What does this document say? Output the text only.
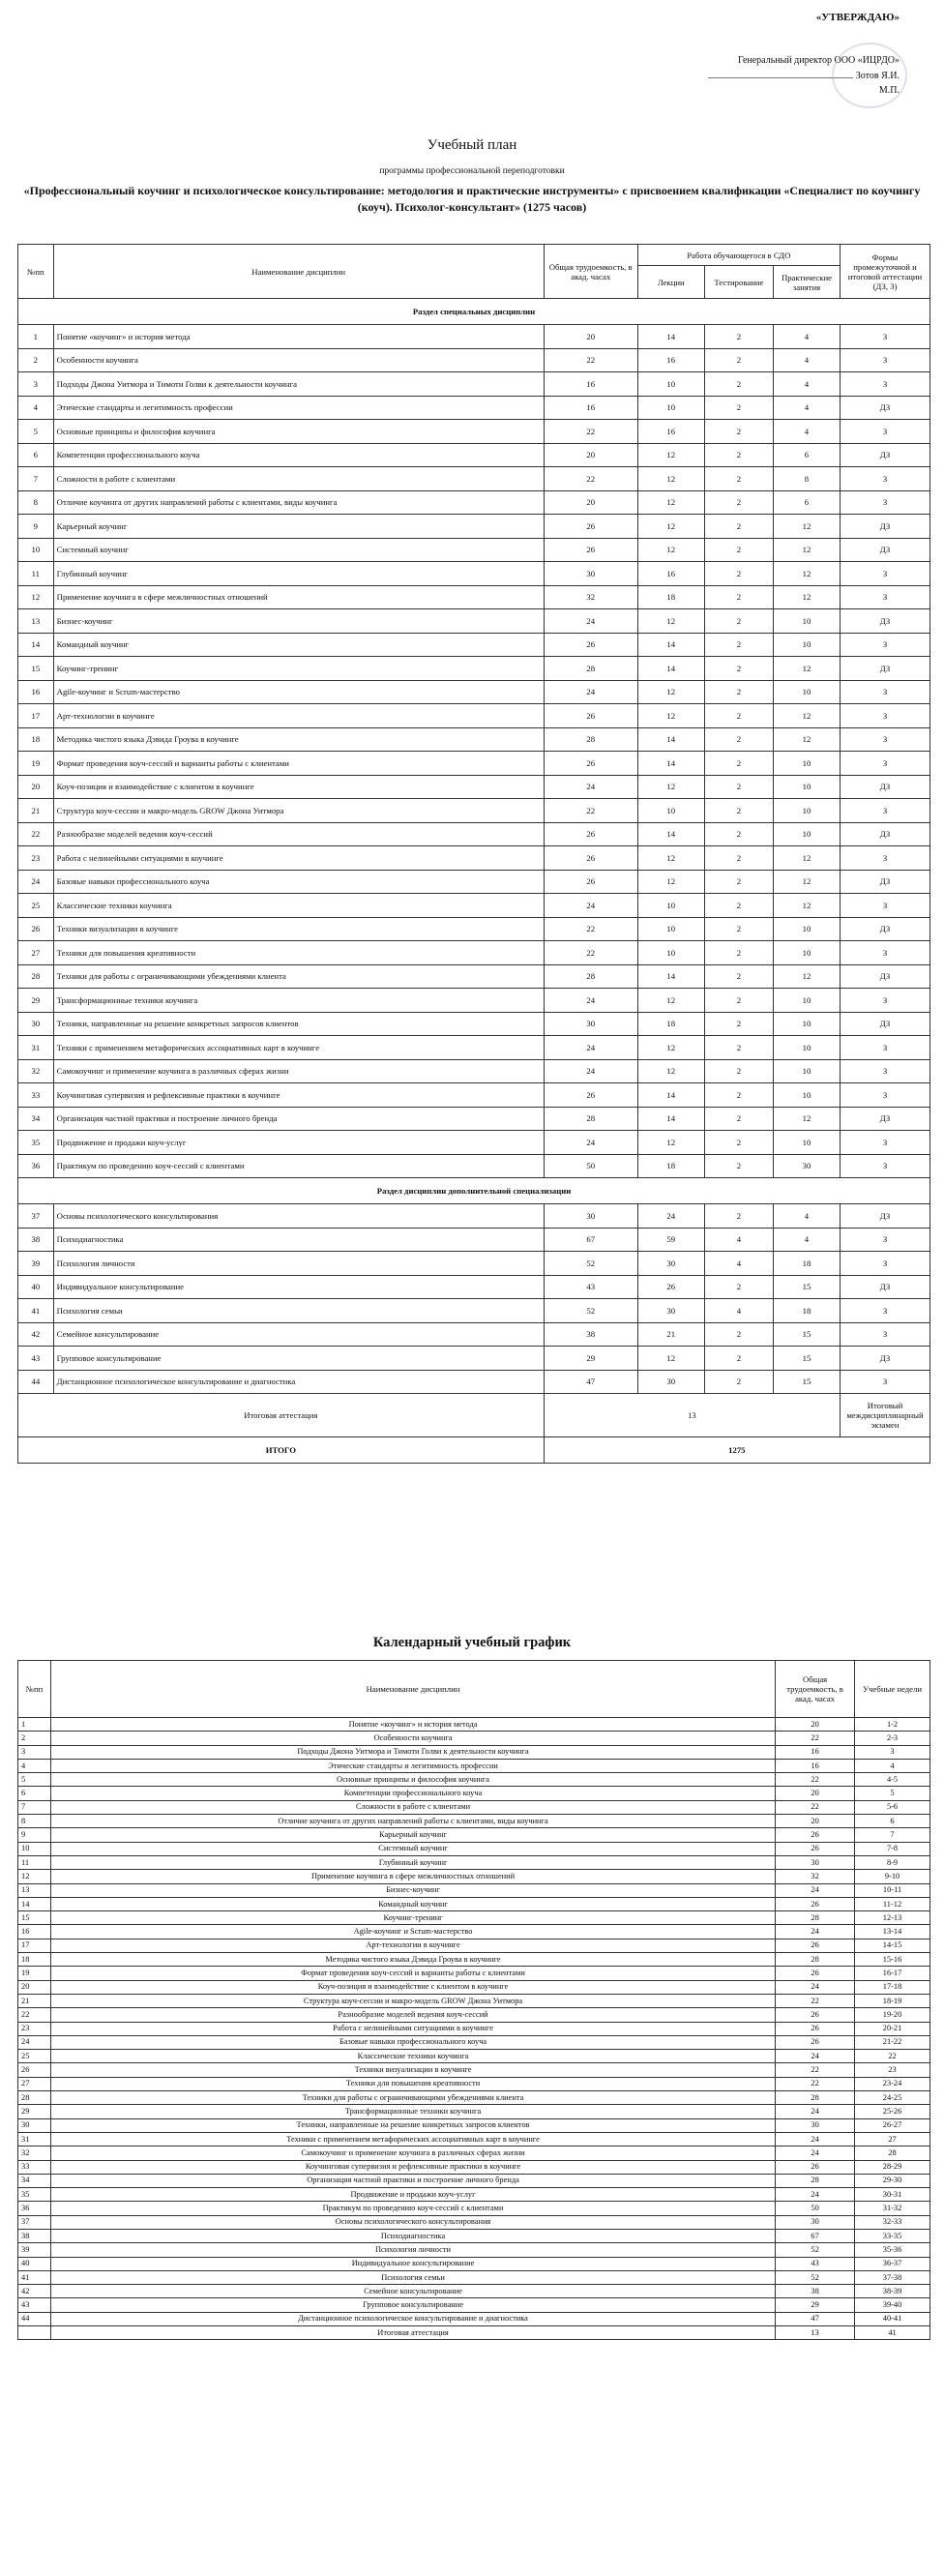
«УТВЕРЖДАЮ»
Генеральный директор ООО «ИЦРДО»
Зотов Я.И.
М.П.
Учебный план
программы профессиональной переподготовки
«Профессиональный коучинг и психологическое консультирование: методология и практические инструменты» с присвоением квалификации «Специалист по коучингу (коуч). Психолог-консультант» (1275 часов)
№пп	Наименование дисциплин	Общая трудоемкость, в акад. часах	Работа обучающегося в СДО			Формы промежуточной и итоговой аттестации (ДЗ, З)
			Лекции	Тестирование	Практические занятия	
Раздел специальных дисциплин						
1	Понятие «коучинг» и история метода	20	14	2	4	З
2	Особенности коучинга	22	16	2	4	З
3	Подходы Джона Уитмора и Тимоти Голви к деятельности коучинга	16	10	2	4	З
4	Этические стандарты и легитимность профессии	16	10	2	4	ДЗ
5	Основные принципы и философия коучинга	22	16	2	4	З
6	Компетенции профессионального коуча	20	12	2	6	ДЗ
7	Сложности в работе с клиентами	22	12	2	8	З
8	Отличие коучинга от других направлений работы с клиентами, виды коучинга	20	12	2	6	З
9	Карьерный коучинг	26	12	2	12	ДЗ
10	Системный коучинг	26	12	2	12	ДЗ
11	Глубинный коучинг	30	16	2	12	З
12	Применение коучинга в сфере межличностных отношений	32	18	2	12	З
13	Бизнес-коучинг	24	12	2	10	ДЗ
14	Командный коучинг	26	14	2	10	З
15	Коучинг-тренинг	28	14	2	12	ДЗ
16	Agile-коучинг и Scrum-мастерство	24	12	2	10	З
17	Арт-технологии в коучинге	26	12	2	12	З
18	Методика чистого языка Дэвида Гроува в коучинге	28	14	2	12	З
19	Формат проведения коуч-сессий и варианты работы с клиентами	26	14	2	10	З
20	Коуч-позиция и взаимодействие с клиентом в коучинге	24	12	2	10	ДЗ
21	Структура коуч-сессии и макро-модель GROW Джона Уитмора	22	10	2	10	З
22	Разнообразие моделей ведения коуч-сессий	26	14	2	10	ДЗ
23	Работа с нелинейными ситуациями в коучинге	26	12	2	12	З
24	Базовые навыки профессионального коуча	26	12	2	12	ДЗ
25	Классические техники коучинга	24	10	2	12	З
26	Техники визуализации в коучинге	22	10	2	10	ДЗ
27	Техники для повышения креативности	22	10	2	10	З
28	Техники для работы с ограничивающими убеждениями клиента	28	14	2	12	ДЗ
29	Трансформационные техники коучинга	24	12	2	10	З
30	Техники, направленные на решение конкретных запросов клиентов	30	18	2	10	ДЗ
31	Техники с применением метафорических ассоциативных карт в коучинге	24	12	2	10	З
32	Самокоучинг и применение коучинга в различных сферах жизни	24	12	2	10	З
33	Коучинговая супервизия и рефлексивные практики в коучинге	26	14	2	10	З
34	Организация частной практики и построение личного бренда	28	14	2	12	ДЗ
35	Продвижение и продажи коуч-услуг	24	12	2	10	З
36	Практикум по проведению коуч-сессий с клиентами	50	18	2	30	З
Раздел дисциплин дополнительной специализации						
37	Основы психологического консультирования	30	24	2	4	ДЗ
38	Психодиагностика	67	59	4	4	З
39	Психология личности	52	30	4	18	З
40	Индивидуальное консультирование	43	26	2	15	ДЗ
41	Психология семьи	52	30	4	18	З
42	Семейное консультирование	38	21	2	15	З
43	Групповое консультирование	29	12	2	15	ДЗ
44	Дистанционное психологическое консультирование и диагностика	47	30	2	15	З
Итоговая аттестация		13				Итоговый междисциплинарный экзамен
ИТОГО		1275				
Календарный учебный график
№пп	Наименование дисциплин	Общая трудоемкость, в акад. часах	Учебные недели
1	Понятие «коучинг» и история метода	20	1-2
2	Особенности коучинга	22	2-3
3	Подходы Джона Уитмора и Тимоти Голви к деятельности коучинга	16	3
4	Этические стандарты и легитимность профессии	16	4
5	Основные принципы и философия коучинга	22	4-5
6	Компетенции профессионального коуча	20	5
7	Сложности в работе с клиентами	22	5-6
8	Отличие коучинга от других направлений работы с клиентами, виды коучинга	20	6
9	Карьерный коучинг	26	7
10	Системный коучинг	26	7-8
11	Глубинный коучинг	30	8-9
12	Применение коучинга в сфере межличностных отношений	32	9-10
13	Бизнес-коучинг	24	10-11
14	Командный коучинг	26	11-12
15	Коучинг-тренинг	28	12-13
16	Agile-коучинг и Scrum-мастерство	24	13-14
17	Арт-технологии в коучинге	26	14-15
18	Методика чистого языка Дэвида Гроува в коучинге	28	15-16
19	Формат проведения коуч-сессий и варианты работы с клиентами	26	16-17
20	Коуч-позиция и взаимодействие с клиентом в коучинге	24	17-18
21	Структура коуч-сессии и макро-модель GROW Джона Уитмора	22	18-19
22	Разнообразие моделей ведения коуч-сессий	26	19-20
23	Работа с нелинейными ситуациями в коучинге	26	20-21
24	Базовые навыки профессионального коуча	26	21-22
25	Классические техники коучинга	24	22
26	Техники визуализации в коучинге	22	23
27	Техники для повышения креативности	22	23-24
28	Техники для работы с ограничивающими убеждениями клиента	28	24-25
29	Трансформационные техники коучинга	24	25-26
30	Техники, направленные на решение конкретных запросов клиентов	30	26-27
31	Техники с применением метафорических ассоциативных карт в коучинге	24	27
32	Самокоучинг и применение коучинга в различных сферах жизни	24	28
33	Коучинговая супервизия и рефлексивные практики в коучинге	26	28-29
34	Организация частной практики и построение личного бренда	28	29-30
35	Продвижение и продажи коуч-услуг	24	30-31
36	Практикум по проведению коуч-сессий с клиентами	50	31-32
37	Основы психологического консультирования	30	32-33
38	Психодиагностика	67	33-35
39	Психология личности	52	35-36
40	Индивидуальное консультирование	43	36-37
41	Психология семьи	52	37-38
42	Семейное консультирование	38	38-39
43	Групповое консультирование	29	39-40
44	Дистанционное психологическое консультирование и диагностика	47	40-41
	Итоговая аттестация	13	41
